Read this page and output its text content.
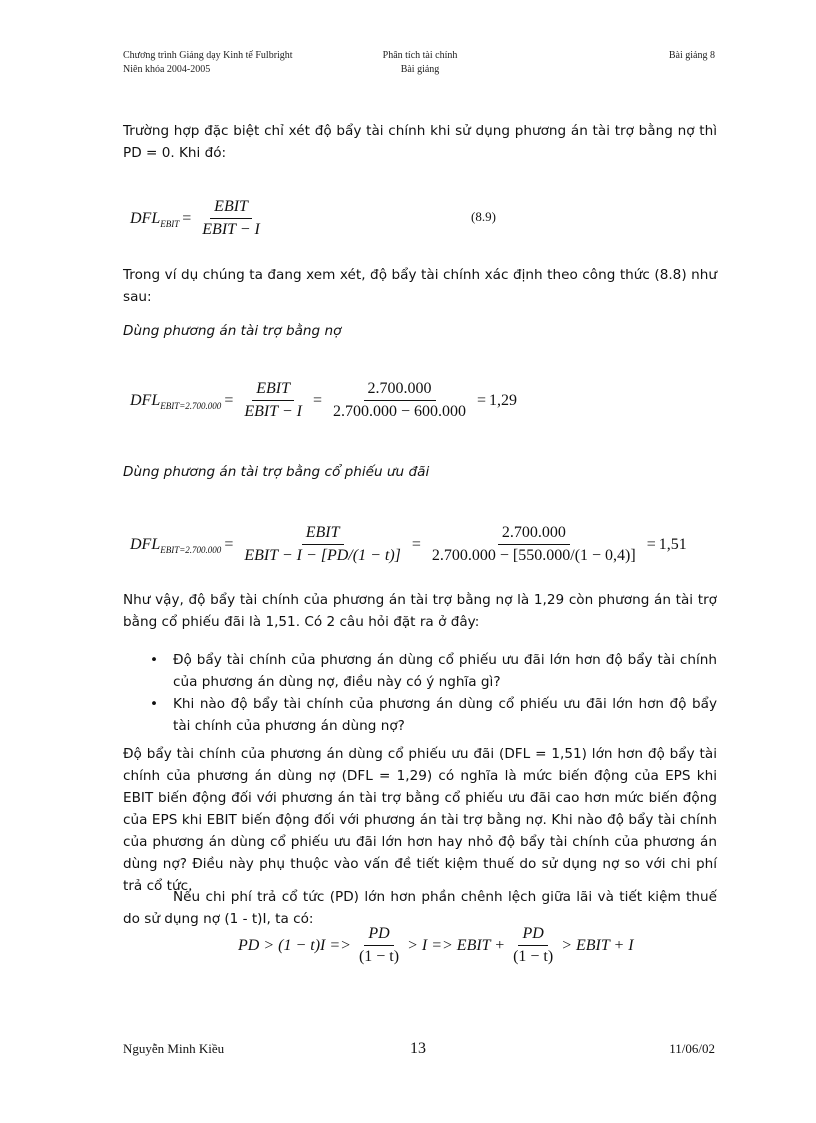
Chương trình Giảng dạy Kinh tế Fulbright
Niên khóa 2004-2005
Phân tích tài chính
Bài giảng
Bài giảng 8
Trường hợp đặc biệt chỉ xét độ bẩy tài chính khi sử dụng phương án tài trợ bằng nợ thì PD = 0. Khi đó:
DFL EBIT = $\frac{\text{EBIT}}{\text{EBIT − I}}$	(8.9)
Trong ví dụ chúng ta đang xem xét, độ bẩy tài chính xác định theo công thức (8.8) như sau:
Dùng phương án tài trợ bằng nợ
DFL EBIT=2.700.000 = $\frac{\text{EBIT}}{\text{EBIT − I}} = \frac{2.700.000}{2.700.000 - 600.000} = 1,29$
Dùng phương án tài trợ bằng cổ phiếu ưu đãi
DFL EBIT=2.700.000 = $\frac{\text{EBIT}}{\text{EBIT − I − [PD/(1 − t)]}} = \frac{2.700.000}{2.700.000 - [550.000/(1 - 0,4)]} = 1,51$
Như vậy, độ bẩy tài chính của phương án tài trợ bằng nợ là 1,29 còn phương án tài trợ bằng cổ phiếu đãi là 1,51. Có 2 câu hỏi đặt ra ở đây:
• Độ bẩy tài chính của phương án dùng cổ phiếu ưu đãi lớn hơn độ bẩy tài chính của phương án dùng nợ, điều này có ý nghĩa gì?
• Khi nào độ bẩy tài chính của phương án dùng cổ phiếu ưu đãi lớn hơn độ bẩy tài chính của phương án dùng nợ?
Độ bẩy tài chính của phương án dùng cổ phiếu ưu đãi (DFL = 1,51) lớn hơn độ bẩy tài chính của phương án dùng nợ (DFL = 1,29) có nghĩa là mức biến động của EPS khi EBIT biến động đối với phương án tài trợ bằng cổ phiếu ưu đãi cao hơn mức biến động của EPS khi EBIT biến động đối với phương án tài trợ bằng nợ. Khi nào độ bẩy tài chính của phương án dùng cổ phiếu ưu đãi lớn hơn hay nhỏ độ bẩy tài chính của phương án dùng nợ? Điều này phụ thuộc vào vấn đề tiết kiệm thuế do sử dụng nợ so với chi phí trả cổ tức.
Nếu chi phí trả cổ tức (PD) lớn hơn phần chênh lệch giữa lãi và tiết kiệm thuế do sử dụng nợ (1 - t)I, ta có:
PD > $(1 - t)I => \frac{PD}{(1 - t)} > I$ => EBIT + $\frac{PD}{(1 - t)}$ > EBIT + I
Nguyễn Minh Kiều	13	11/06/02
